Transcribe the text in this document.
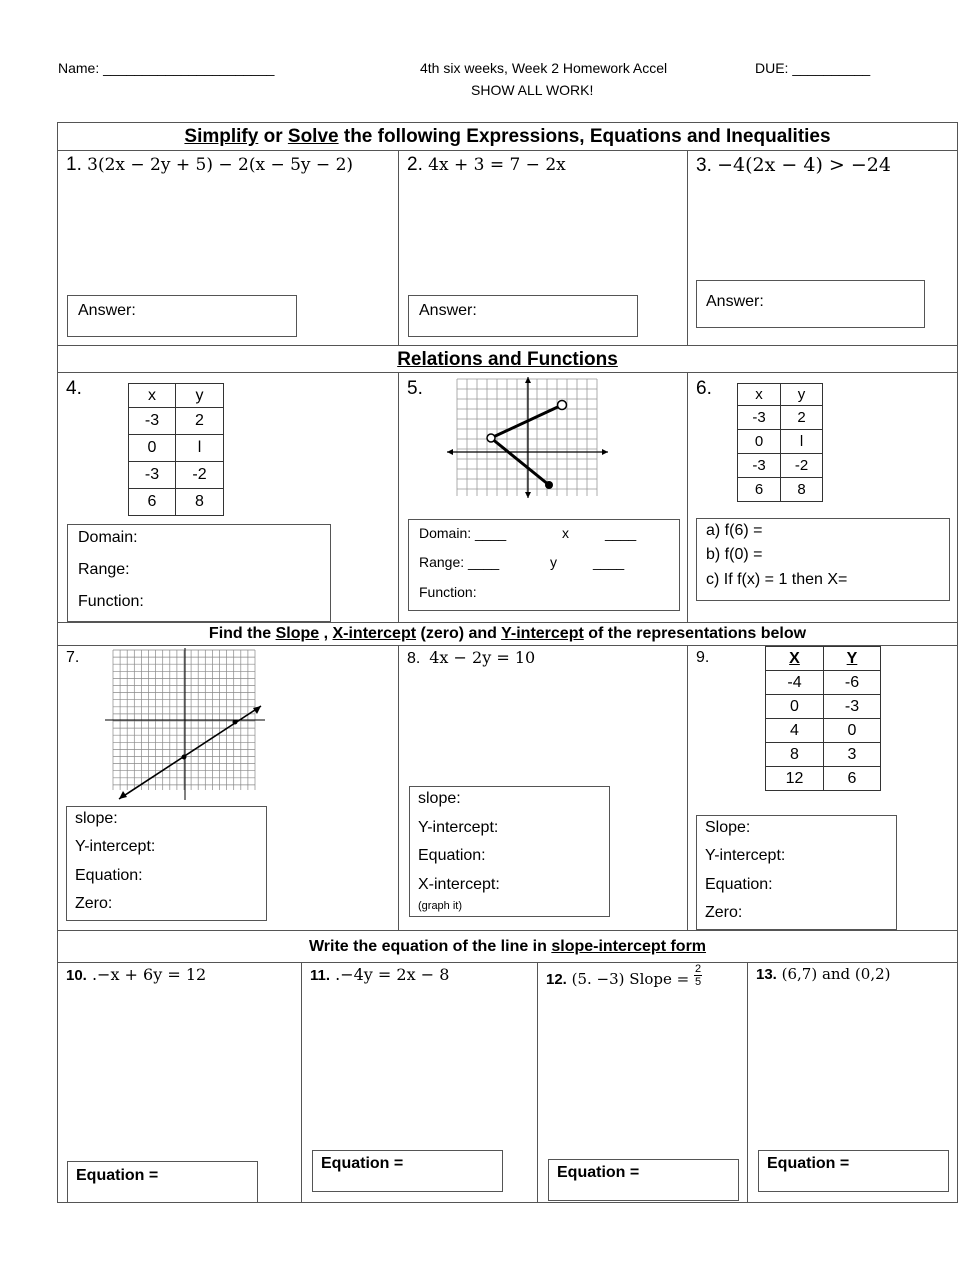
Name: ______________________	4th six weeks, Week 2 Homework Accel	DUE: __________
SHOW ALL WORK!
Simplify or Solve the following Expressions, Equations and Inequalities
1. 3(2x − 2y + 5) − 2(x − 5y − 2)	2. 4x + 3 = 7 − 2x	3. −4(2x − 4) > −24
Answer:	Answer:
Answer:
Relations and Functions
4.	5.	6.
x	y
-3	2
0	l
-3	-2
6	8
x	y
-3	2
0	l
-3	-2
6	8
Domain:
Range:
Function:
Domain: ____	x	____
Range: ____	y	____
Function:
a) f(6) =
b) f(0) =
c) If f(x) = 1 then X=
Find the Slope , X-intercept (zero) and Y-intercept of the representations below
7.	8. 4x − 2y = 10	9.	X	Y
-4	-6
0	-3
4	0
8	3
12	6
slope:
Y-intercept:
Equation:
Zero:
slope:
Y-intercept:
Equation:
X-intercept:
(graph it)
Slope:
Y-intercept:
Equation:
Zero:
Write the equation of the line in slope-intercept form
10. .−x + 6y = 12	11. .−4y = 2x − 8	12. (5. −3) Slope = $\frac{2}{5}$	13. (6,7) and (0,2)
Equation =
Equation =
Equation =
Equation =
